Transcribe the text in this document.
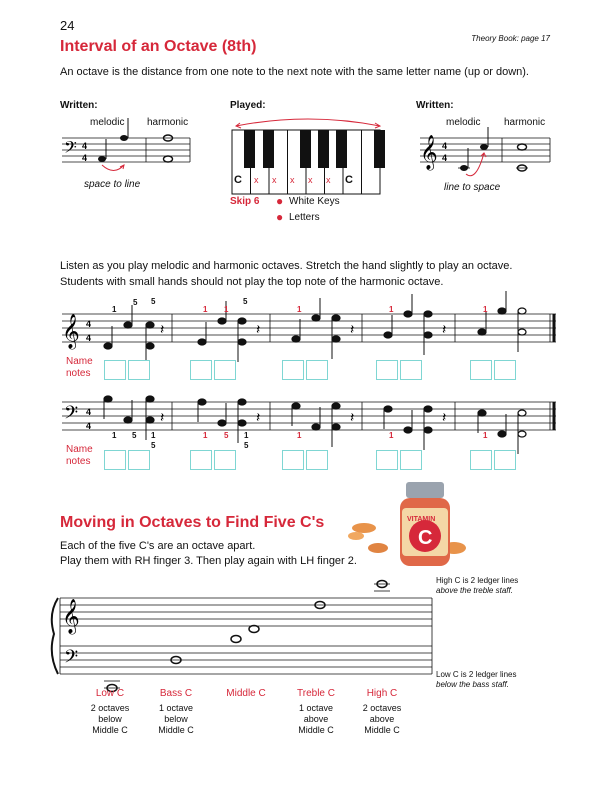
24
Interval of an Octave (8th)	Theory Book: page 17
An octave is the distance from one note to the next note with the same letter name (up or down).
Written:
melodic harmonic
𝄢 4
4
space to line
Played:
C	C
x x x x x
Skip 6 ● White Keys
● Letters
Written:
melodic harmonic
𝄞 4
4
line to space
Listen as you play melodic and harmonic octaves. Stretch the hand slightly to play an octave.
Students with small hands should not play the top note of the harmonic octave.
𝄞 4
4	𝄽	𝄽	𝄽	𝄽
1
5 5
1 1
5
1	1	1
Name
notes
𝄢 4
4	𝄽	𝄽	𝄽	𝄽
1 5 1
5
1 5 1
5
1	1	1
Name
notes
Moving in Octaves to Find Five C's
Each of the five C's are an octave apart.
Play them with RH finger 3. Then play again with LH finger 2.
VITAMIN
C
High C is 2 ledger lines
above the treble staff.
Low C is 2 ledger lines
below the bass staff.
𝄞
𝄢
Low C
2 octaves
below
Middle C
Bass C
1 octave
below
Middle C
Middle C	Treble C
1 octave
above
Middle C
High C
2 octaves
above
Middle C
